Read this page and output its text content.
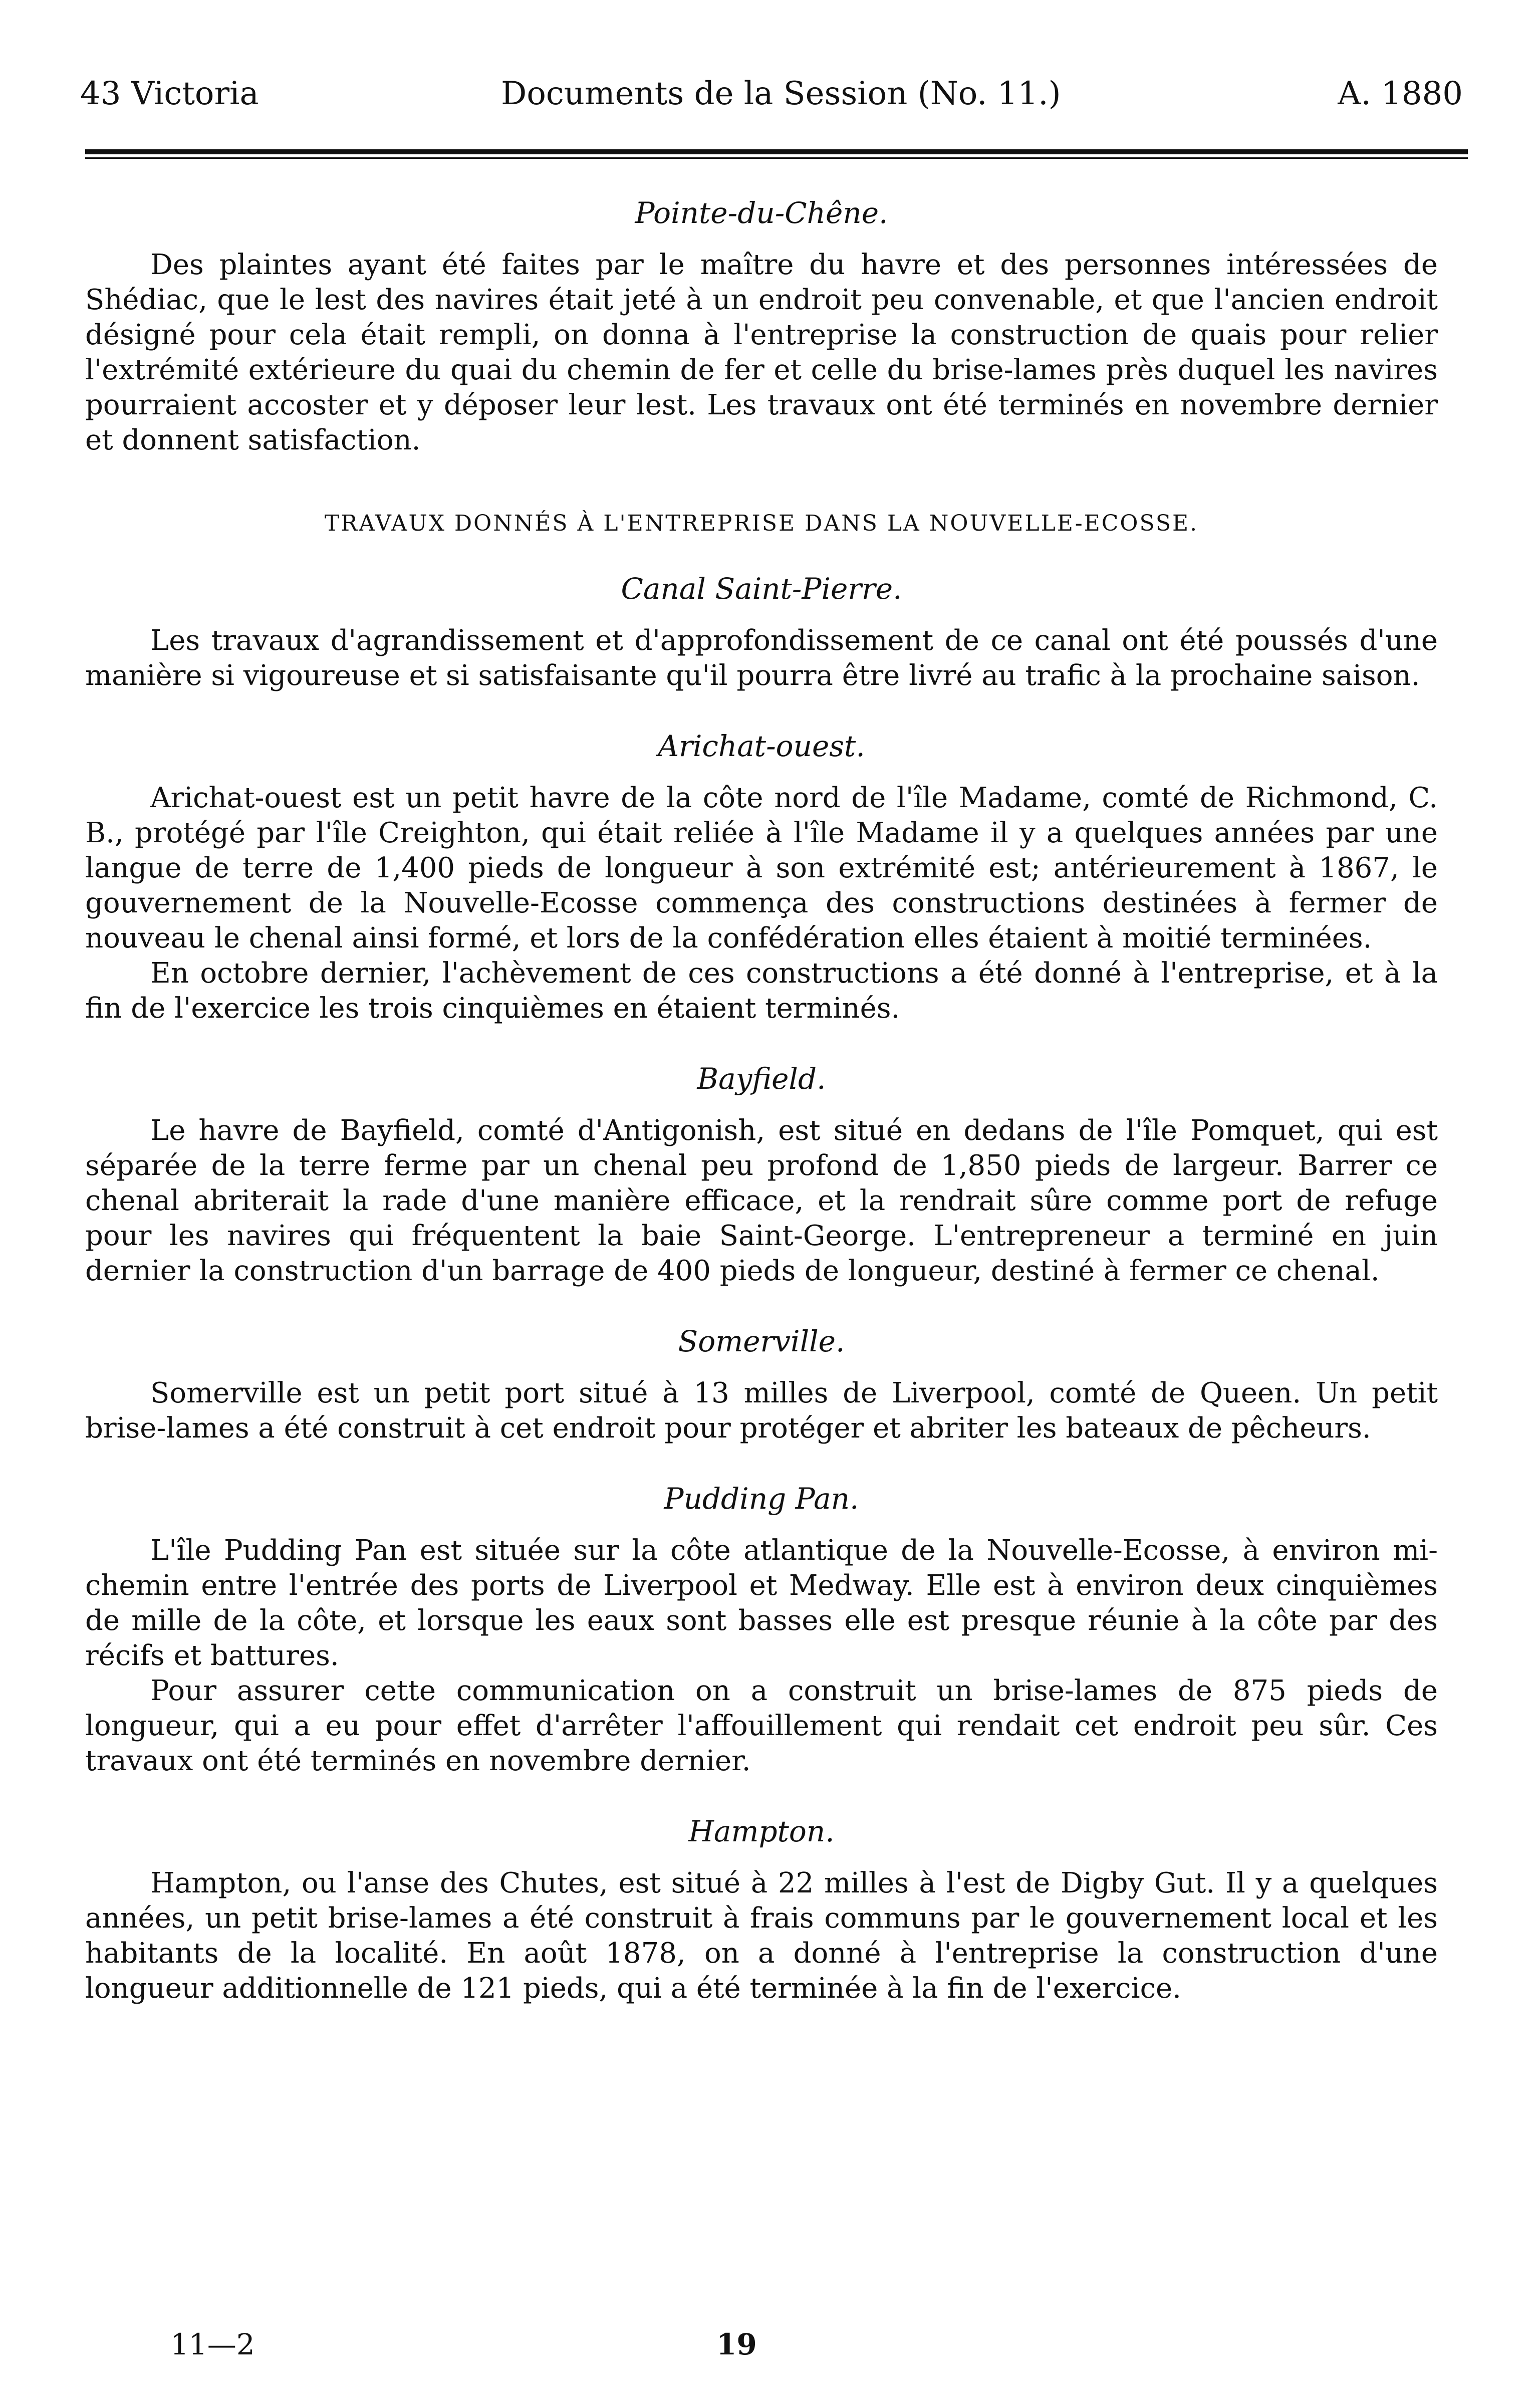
43 Victoria	Documents de la Session (No. 11.)	A. 1880
Pointe-du-Chêne.

Des plaintes ayant été faites par le maître du havre et des personnes intéressées de Shédiac, que le lest des navires était jeté à un endroit peu convenable, et que l'ancien endroit désigné pour cela était rempli, on donna à l'entreprise la construction de quais pour relier l'extrémité extérieure du quai du chemin de fer et celle du brise-lames près duquel les navires pourraient accoster et y déposer leur lest. Les travaux ont été terminés en novembre dernier et donnent satisfaction.

TRAVAUX DONNÉS À L'ENTREPRISE DANS LA NOUVELLE-ECOSSE.
Canal Saint-Pierre.

Les travaux d'agrandissement et d'approfondissement de ce canal ont été poussés d'une manière si vigoureuse et si satisfaisante qu'il pourra être livré au trafic à la prochaine saison.

Arichat-ouest.

Arichat-ouest est un petit havre de la côte nord de l'île Madame, comté de Richmond, C. B., protégé par l'île Creighton, qui était reliée à l'île Madame il y a quelques années par une langue de terre de 1,400 pieds de longueur à son extrémité est; antérieurement à 1867, le gouvernement de la Nouvelle-Ecosse commença des constructions destinées à fermer de nouveau le chenal ainsi formé, et lors de la confédération elles étaient à moitié terminées.

En octobre dernier, l'achèvement de ces constructions a été donné à l'entreprise, et à la fin de l'exercice les trois cinquièmes en étaient terminés.

Bayfield.

Le havre de Bayfield, comté d'Antigonish, est situé en dedans de l'île Pomquet, qui est séparée de la terre ferme par un chenal peu profond de 1,850 pieds de largeur. Barrer ce chenal abriterait la rade d'une manière efficace, et la rendrait sûre comme port de refuge pour les navires qui fréquentent la baie Saint-George. L'entrepreneur a terminé en juin dernier la construction d'un barrage de 400 pieds de longueur, destiné à fermer ce chenal.

Somerville.

Somerville est un petit port situé à 13 milles de Liverpool, comté de Queen. Un petit brise-lames a été construit à cet endroit pour protéger et abriter les bateaux de pêcheurs.

Pudding Pan.

L'île Pudding Pan est située sur la côte atlantique de la Nouvelle-Ecosse, à environ mi-chemin entre l'entrée des ports de Liverpool et Medway. Elle est à environ deux cinquièmes de mille de la côte, et lorsque les eaux sont basses elle est presque réunie à la côte par des récifs et battures.

Pour assurer cette communication on a construit un brise-lames de 875 pieds de longueur, qui a eu pour effet d'arrêter l'affouillement qui rendait cet endroit peu sûr. Ces travaux ont été terminés en novembre dernier.

Hampton.

Hampton, ou l'anse des Chutes, est situé à 22 milles à l'est de Digby Gut. Il y a quelques années, un petit brise-lames a été construit à frais communs par le gouvernement local et les habitants de la localité. En août 1878, on a donné à l'entreprise la construction d'une longueur additionnelle de 121 pieds, qui a été terminée à la fin de l'exercice.

11—2	19
